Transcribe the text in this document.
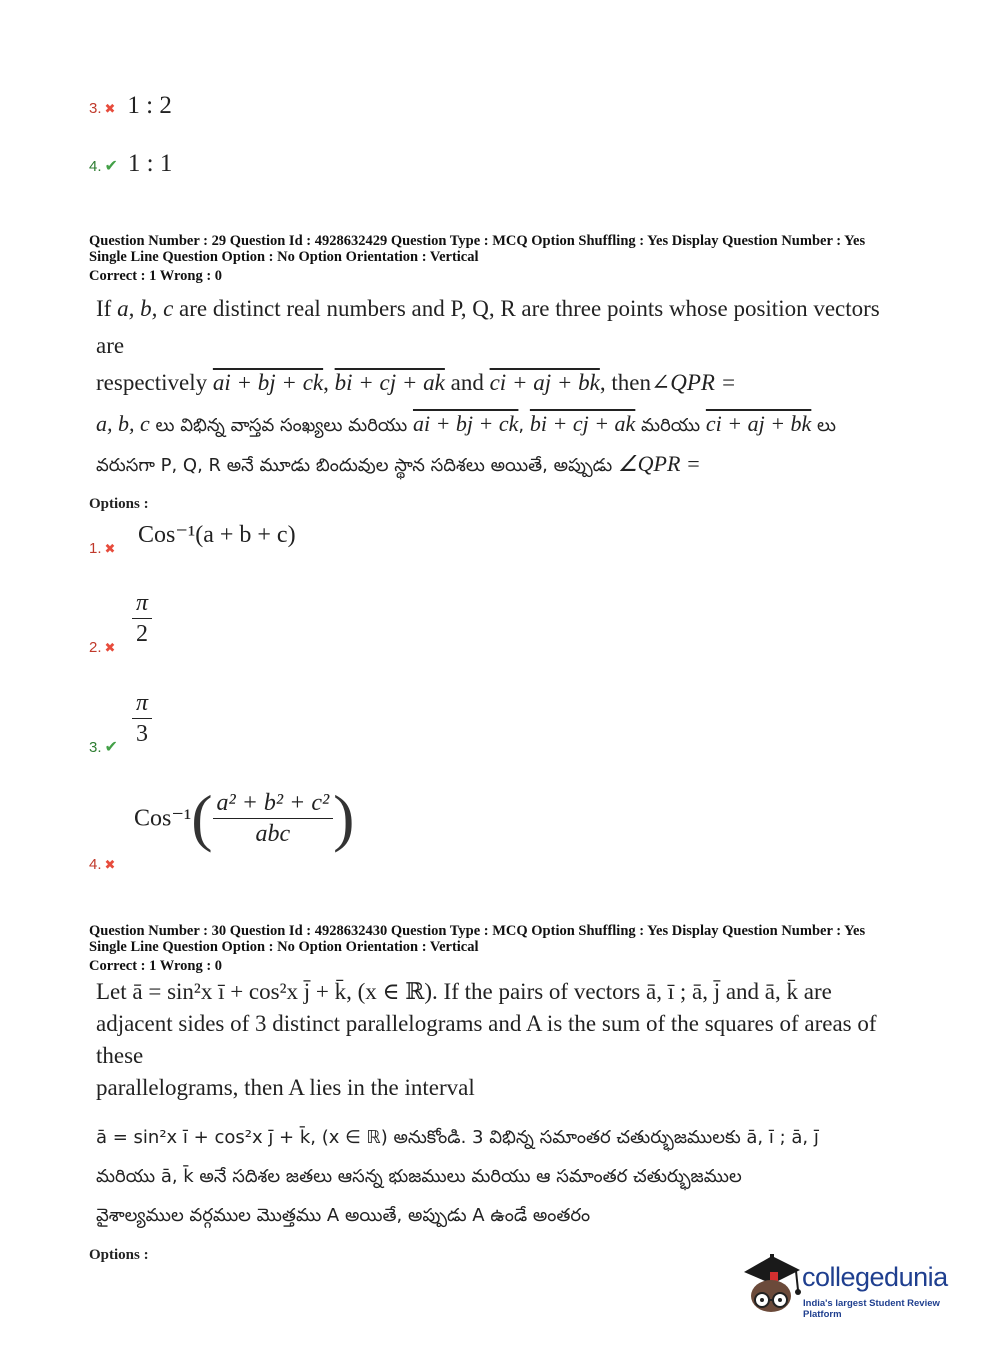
3. ✖ 1 : 2
4. ✔ 1 : 1
Question Number : 29 Question Id : 4928632429 Question Type : MCQ Option Shuffling : Yes Display Question Number : Yes
Single Line Question Option : No Option Orientation : Vertical
Correct : 1 Wrong : 0
If a, b, c are distinct real numbers and P, Q, R are three points whose position vectors are
respectively ai + bj + ck, bi + cj + ak and ci + aj + bk, then∠QPR =
a, b, c లు విభిన్న వాస్తవ సంఖ్యలు మరియు ai + bj + ck, bi + cj + ak మరియు ci + aj + bk లు
వరుసగా P, Q, R అనే మూడు బిందువుల స్థాన సదిశలు అయితే, అప్పుడు ∠QPR =
Options :
1. ✖
Cos⁻¹(a + b + c)
2. ✖ $\frac{\pi}{2}$
3. ✔ $\frac{\pi}{3}$
4. ✖
$Cos^{-1}( \frac{\text{a² + b² + c²}}{\text{abc}}$ )
Question Number : 30 Question Id : 4928632430 Question Type : MCQ Option Shuffling : Yes Display Question Number : Yes
Single Line Question Option : No Option Orientation : Vertical
Correct : 1 Wrong : 0
Let ā = sin²x ī + cos²x j̄ + k̄, (x ∈ ℝ). If the pairs of vectors ā, ī ; ā, j̄ and ā, k̄ are
adjacent sides of 3 distinct parallelograms and A is the sum of the squares of areas of these
parallelograms, then A lies in the interval
ā = sin²x ī + cos²x j̄ + k̄, (x ∈ ℝ) అనుకోండి. 3 విభిన్న సమాంతర చతుర్భుజములకు ā, ī ; ā, j̄
మరియు ā, k̄ అనే సదిశల జతలు ఆసన్న భుజములు మరియు ఆ సమాంతర చతుర్భుజముల
వైశాల్యముల వర్గముల మొత్తము A అయితే, అప్పుడు A ఉండే అంతరం
Options :
collegedunia
India's largest Student Review Platform
